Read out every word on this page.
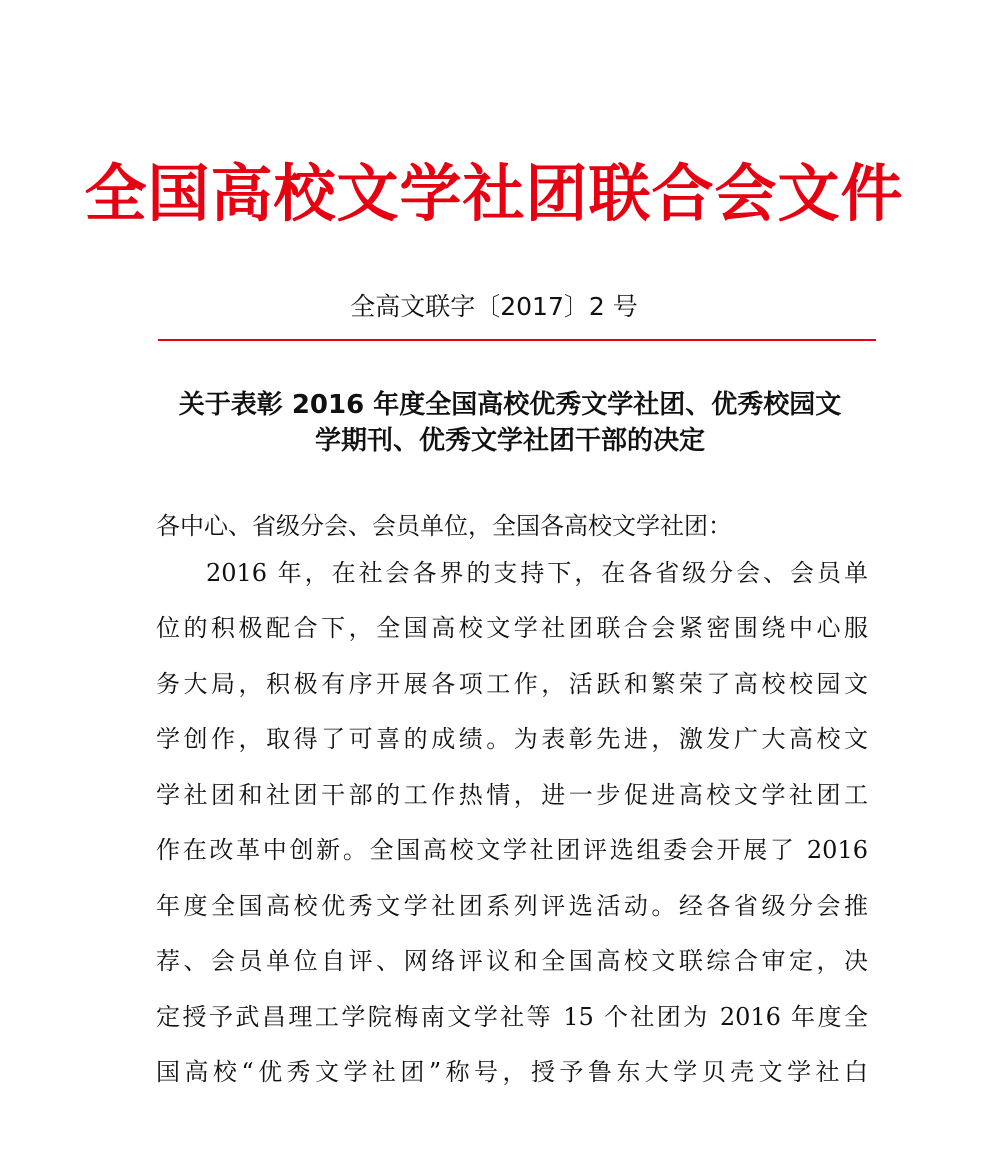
全国高校文学社团联合会文件
全高文联字〔2017〕2 号
关于表彰 2016 年度全国高校优秀文学社团、优秀校园文
学期刊、优秀文学社团干部的决定
各中心、省级分会、会员单位，全国各高校文学社团：
2016 年，在社会各界的支持下，在各省级分会、会员单
位的积极配合下，全国高校文学社团联合会紧密围绕中心服
务大局，积极有序开展各项工作，活跃和繁荣了高校校园文
学创作，取得了可喜的成绩。为表彰先进，激发广大高校文
学社团和社团干部的工作热情，进一步促进高校文学社团工
作在改革中创新。全国高校文学社团评选组委会开展了 2016
年度全国高校优秀文学社团系列评选活动。经各省级分会推
荐、会员单位自评、网络评议和全国高校文联综合审定，决
定授予武昌理工学院梅南文学社等 15 个社团为 2016 年度全
国高校“优秀文学社团”称号，授予鲁东大学贝壳文学社白
